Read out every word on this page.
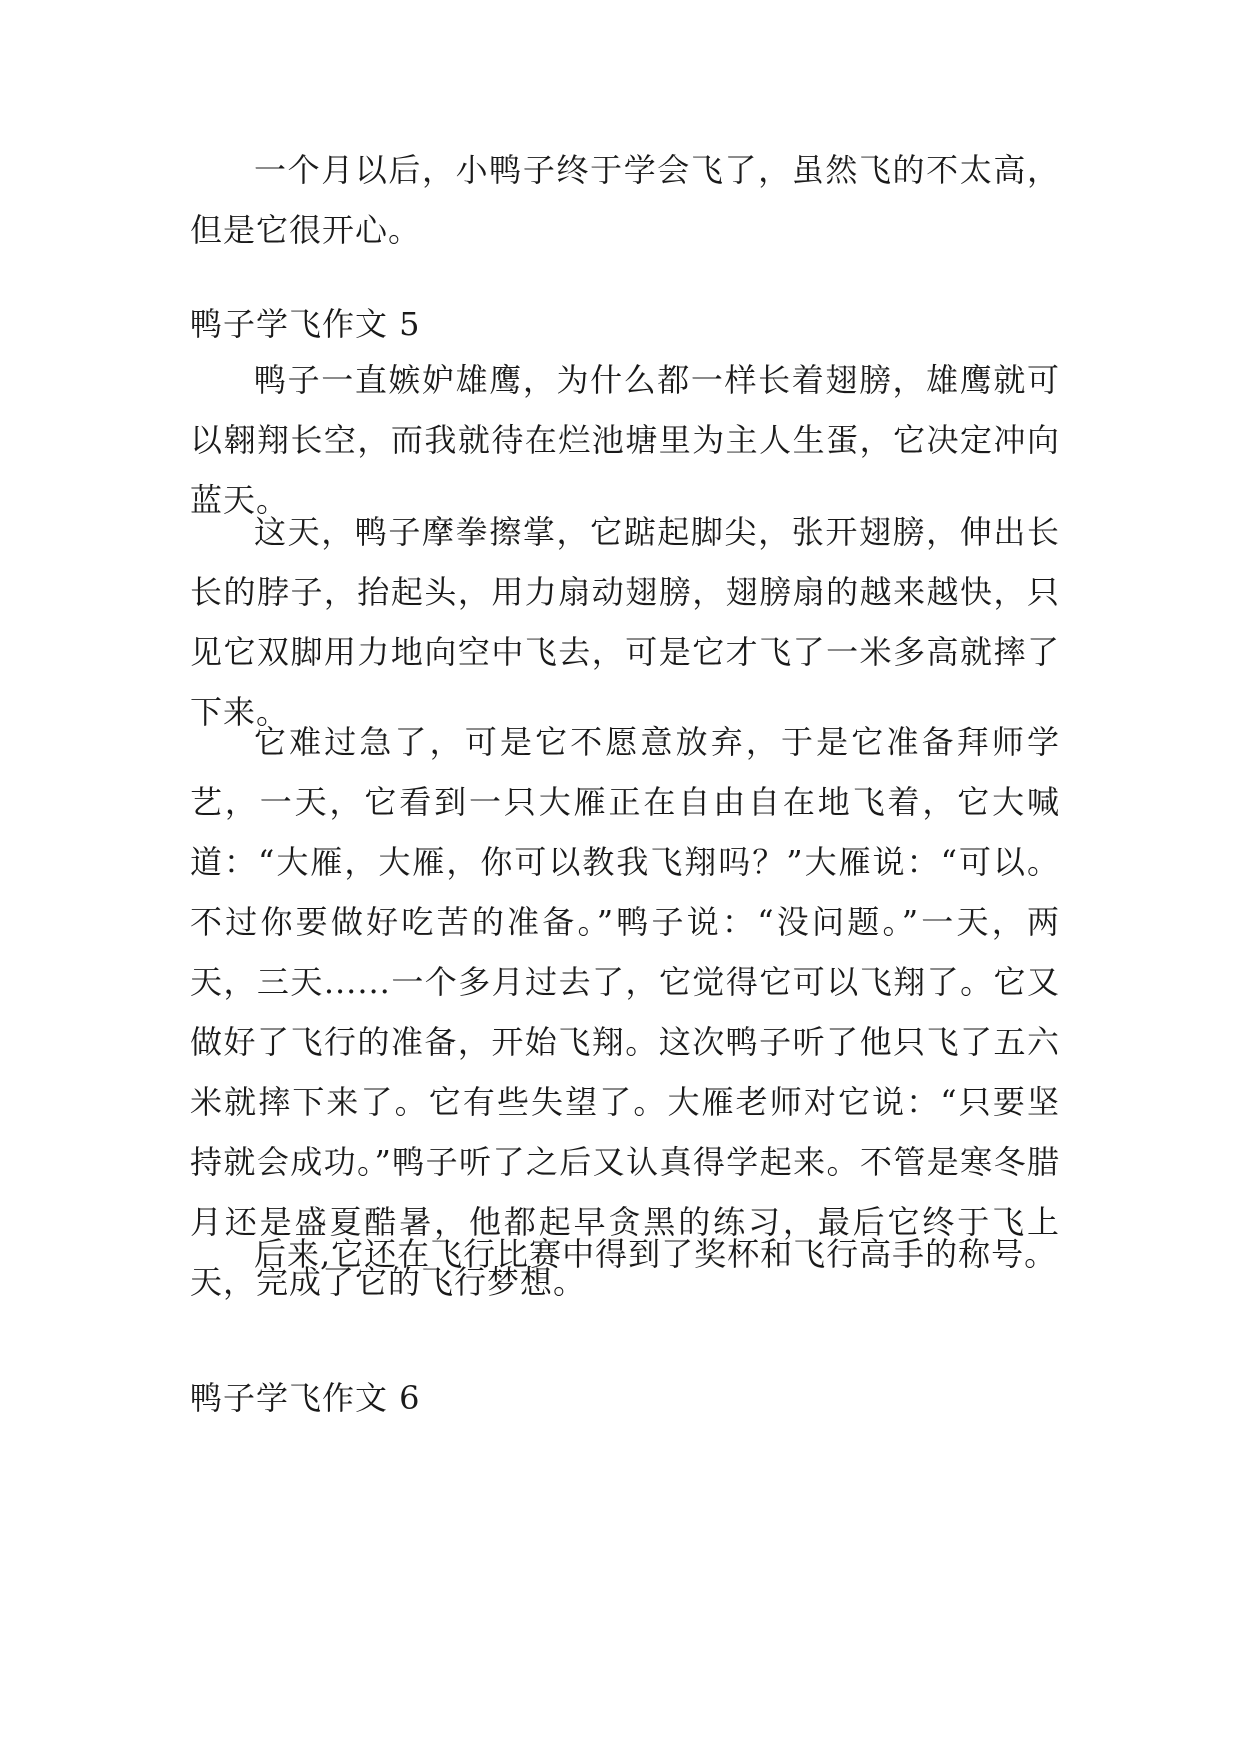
一个月以后，小鸭子终于学会飞了，虽然飞的不太高，但是它很开心。

鸭子学飞作文 5

鸭子一直嫉妒雄鹰，为什么都一样长着翅膀，雄鹰就可以翱翔长空，而我就待在烂池塘里为主人生蛋，它决定冲向蓝天。

这天，鸭子摩拳擦掌，它踮起脚尖，张开翅膀，伸出长长的脖子，抬起头，用力扇动翅膀，翅膀扇的越来越快，只见它双脚用力地向空中飞去，可是它才飞了一米多高就摔了下来。

它难过急了，可是它不愿意放弃，于是它准备拜师学艺，一天，它看到一只大雁正在自由自在地飞着，它大喊道：“大雁，大雁，你可以教我飞翔吗？”大雁说：“可以。不过你要做好吃苦的准备。”鸭子说：“没问题。”一天，两天，三天......一个多月过去了，它觉得它可以飞翔了。它又做好了飞行的准备，开始飞翔。这次鸭子听了他只飞了五六米就摔下来了。它有些失望了。大雁老师对它说：“只要坚持就会成功。”鸭子听了之后又认真得学起来。不管是寒冬腊月还是盛夏酷暑，他都起早贪黑的练习，最后它终于飞上天，完成了它的飞行梦想。

后来,它还在飞行比赛中得到了奖杯和飞行高手的称号。

鸭子学飞作文 6
